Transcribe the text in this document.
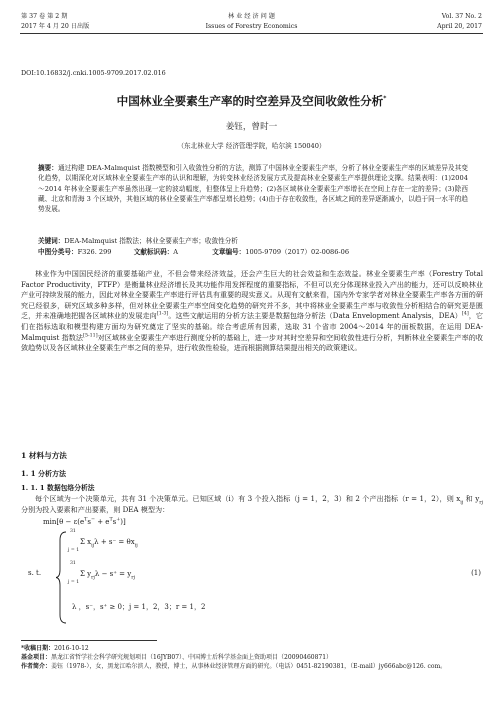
第 37 卷 第 2 期
2017 年 4 月 20 日出版
林 业 经 济 问 题
Issues of Forestry Economics
Vol. 37 No. 2
April 20, 2017
DOI:10.16832/j.cnki.1005-9709.2017.02.016
中国林业全要素生产率的时空差异及空间收敛性分析*
姜钰，曾时一
（东北林业大学 经济管理学院，哈尔滨 150040）
摘要：通过构建 DEA-Malmquist 指数模型和引入收敛性分析的方法，测算了中国林业全要素生产率，分析了林业全要素生产率的区域差异及其变化趋势，以期深化对区域林业全要素生产率的认识和理解，为转变林业经济发展方式及提高林业全要素生产率提供理论支撑。结果表明：(1)2004～2014 年林业全要素生产率虽然出现一定的波动幅度，但整体呈上升趋势；(2)各区域林业全要素生产率增长在空间上存在一定的差异；(3)除西藏、北京和青海 3 个区域外，其他区域的林业全要素生产率都呈增长趋势；(4)由于存在收敛性，各区域之间的差异逐渐减小，以趋于同一水平的趋势发展。
关键词：DEA-Malmquist 指数法；林业全要素生产率；收敛性分析
中图分类号：F326. 299	文献标识码：A	文章编号：1005-9709（2017）02-0086-06
林业作为中国国民经济的重要基础产业，不但会带来经济效益，还会产生巨大的社会效益和生态效益。林业全要素生产率（Forestry Total Factor Productivity，FTFP）是衡量林业经济增长及其功能作用发挥程度的重要指标，不但可以充分体现林业投入产出的能力，还可以反映林业产业可持续发展的能力，因此对林业全要素生产率进行评估具有重要的现实意义。从现有文献来看，国内外专家学者对林业全要素生产率各方面的研究已经很多，研究区域多种多样，但对林业全要素生产率空间变化趋势的研究并不多，其中将林业全要素生产率与收敛性分析相结合的研究更是匮乏，并未准确地把握各区域林业的发展走向[1-3]。这些文献运用的分析方法主要是数据包络分析法（Data Envelopment Analysis，DEA）[4]，它们在指标选取和模型构建方面均为研究奠定了坚实的基础。综合考虑所有因素，选取 31 个省市 2004～2014 年的面板数据，在运用 DEA-Malmquist 指数法[5-11]对区域林业全要素生产率进行测度分析的基础上，进一步对其时空差异和空间收敛性进行分析，判断林业全要素生产率的收敛趋势以及各区域林业全要素生产率之间的差异，进行收敛性检验，进而根据测算结果提出相关的政策建议。
1 材料与方法
1. 1 分析方法
1. 1. 1 数据包络分析法
每个区域为一个决策单元，共有 31 个决策单元。已知区域（i）有 3 个投入指标（j = 1，2，3）和 2 个产出指标（r = 1，2），则 $x_{ij}$ 和 $y_{rj}$ 分别为投入要素和产出要素，则 DEA 模型为：
$\min[\theta - \varepsilon(e^Ts^- + e^Ts^+)]$
s. t.
31
Σ $x_{ij}\lambda + s^- = \theta x_{ij}$
j = 1
31
Σ $y_{rj}\lambda - s^+ = y_{rj}$
j = 1
λ ，s⁻，s⁺ ≥ 0；j = 1，2，3；r = 1，2
(1)
*收稿日期：2016-10-12
基金项目：黑龙江省哲学社会科学研究规划项目（16JYB07）、中国博士后科学基金面上资助项目（20090460871）
作者简介：姜钰（1978-），女，黑龙江哈尔滨人，教授，博士，从事林业经济管理方面的研究。（电话）0451-82190381，（E-mail）jy666abc@126. com。
